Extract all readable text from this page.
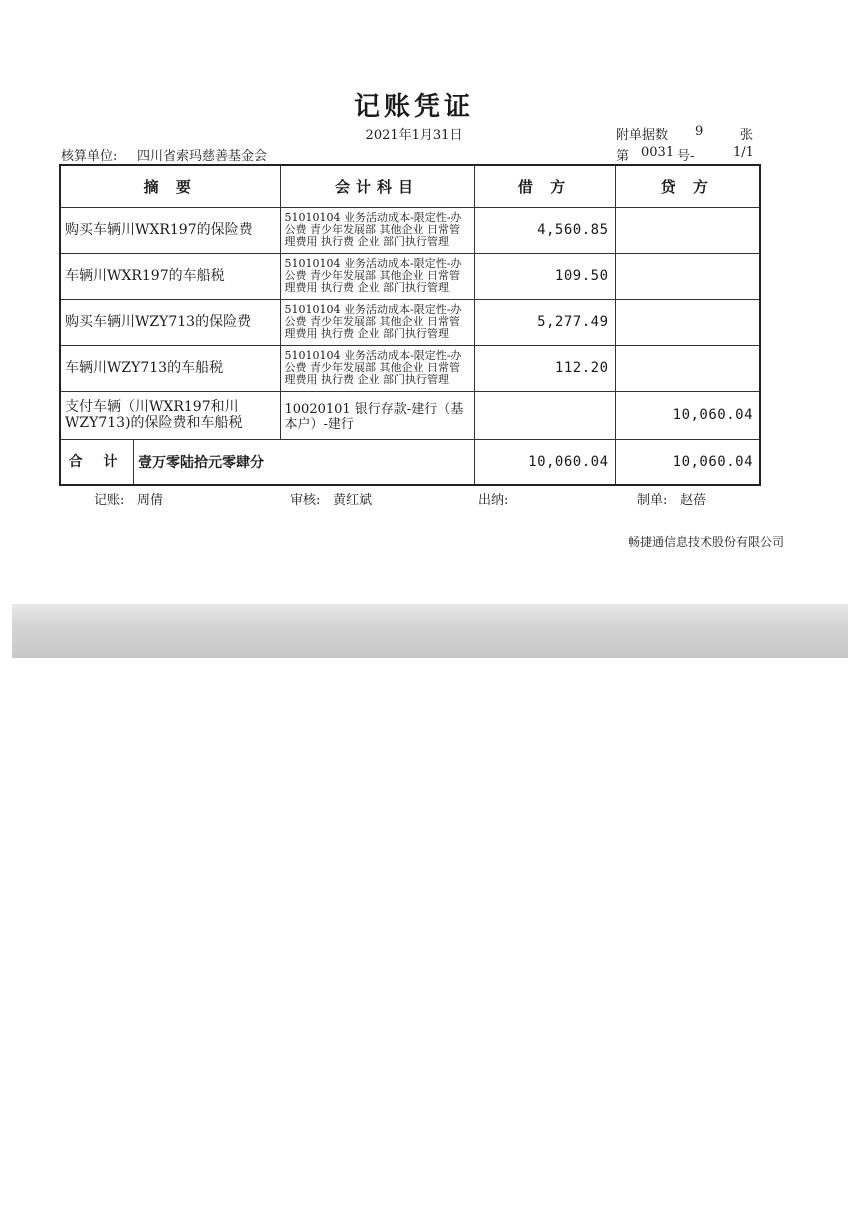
记账凭证
2021年1月31日	附单据数 9	张
核算单位: 四川省索玛慈善基金会	第 0031 号-	1/1
摘 要	会计科目	借 方	贷 方
购买车辆川WXR197的保险费	51010104 业务活动成本-限定性-办公费 青少年发展部 其他企业 日常管理费用 执行费 企业 部门执行管理	4,560.85	
车辆川WXR197的车船税	51010104 业务活动成本-限定性-办公费 青少年发展部 其他企业 日常管理费用 执行费 企业 部门执行管理	109.50	
购买车辆川WZY713的保险费	51010104 业务活动成本-限定性-办公费 青少年发展部 其他企业 日常管理费用 执行费 企业 部门执行管理	5,277.49	
车辆川WZY713的车船税	51010104 业务活动成本-限定性-办公费 青少年发展部 其他企业 日常管理费用 执行费 企业 部门执行管理	112.20	
支付车辆（川WXR197和川WZY713)的保险费和车船税	10020101 银行存款-建行（基本户）-建行		10,060.04

合 计 壹万零陆拾元零肆分		10,060.04	10,060.04
记账: 周倩	审核: 黄红斌	出纳:	制单: 赵蓓
畅捷通信息技术股份有限公司
